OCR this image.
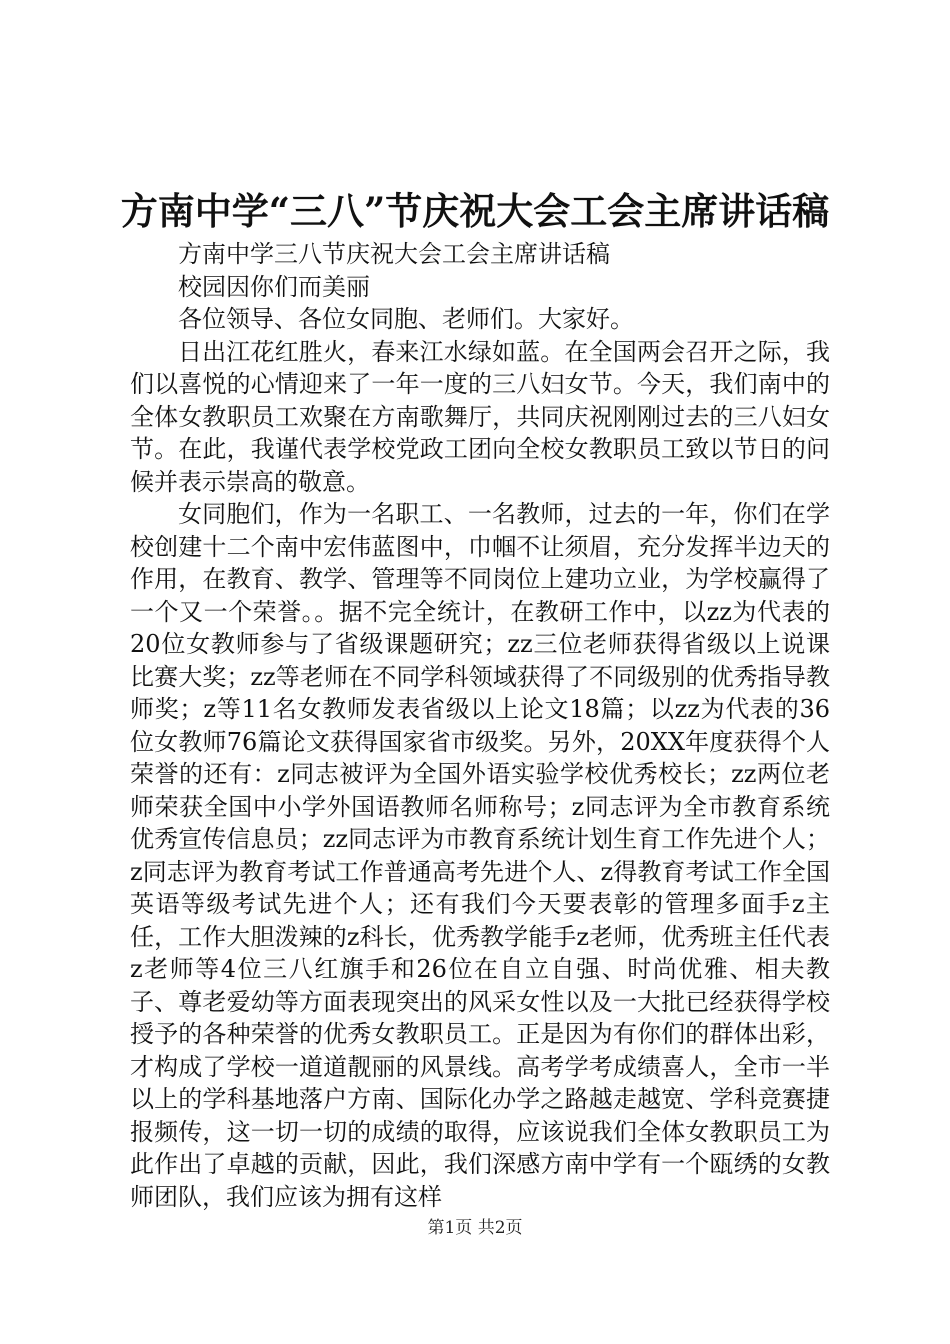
方南中学“三八”节庆祝大会工会主席讲话稿

方南中学三八节庆祝大会工会主席讲话稿

校园因你们而美丽

各位领导、各位女同胞、老师们。大家好。

日出江花红胜火，春来江水绿如蓝。在全国两会召开之际，我们以喜悦的心情迎来了一年一度的三八妇女节。今天，我们南中的全体女教职员工欢聚在方南歌舞厅，共同庆祝刚刚过去的三八妇女节。在此，我谨代表学校党政工团向全校女教职员工致以节日的问候并表示崇高的敬意。

女同胞们，作为一名职工、一名教师，过去的一年，你们在学校创建十二个南中宏伟蓝图中，巾帼不让须眉，充分发挥半边天的作用，在教育、教学、管理等不同岗位上建功立业，为学校赢得了一个又一个荣誉。。据不完全统计，在教研工作中，以zz为代表的20位女教师参与了省级课题研究；zz三位老师获得省级以上说课比赛大奖；zz等老师在不同学科领域获得了不同级别的优秀指导教师奖；z等11名女教师发表省级以上论文18篇；以zz为代表的36位女教师76篇论文获得国家省市级奖。另外，20XX年度获得个人荣誉的还有：z同志被评为全国外语实验学校优秀校长；zz两位老师荣获全国中小学外国语教师名师称号；z同志评为全市教育系统优秀宣传信息员；zz同志评为市教育系统计划生育工作先进个人；z同志评为教育考试工作普通高考先进个人、z得教育考试工作全国英语等级考试先进个人；还有我们今天要表彰的管理多面手z主任，工作大胆泼辣的z科长，优秀教学能手z老师，优秀班主任代表z老师等4位三八红旗手和26位在自立自强、时尚优雅、相夫教子、尊老爱幼等方面表现突出的风采女性以及一大批已经获得学校授予的各种荣誉的优秀女教职员工。正是因为有你们的群体出彩，才构成了学校一道道靓丽的风景线。高考学考成绩喜人，全市一半以上的学科基地落户方南、国际化办学之路越走越宽、学科竞赛捷报频传，这一切一切的成绩的取得，应该说我们全体女教职员工为此作出了卓越的贡献，因此，我们深感方南中学有一个瓯绣的女教师团队，我们应该为拥有这样

第1页 共2页
